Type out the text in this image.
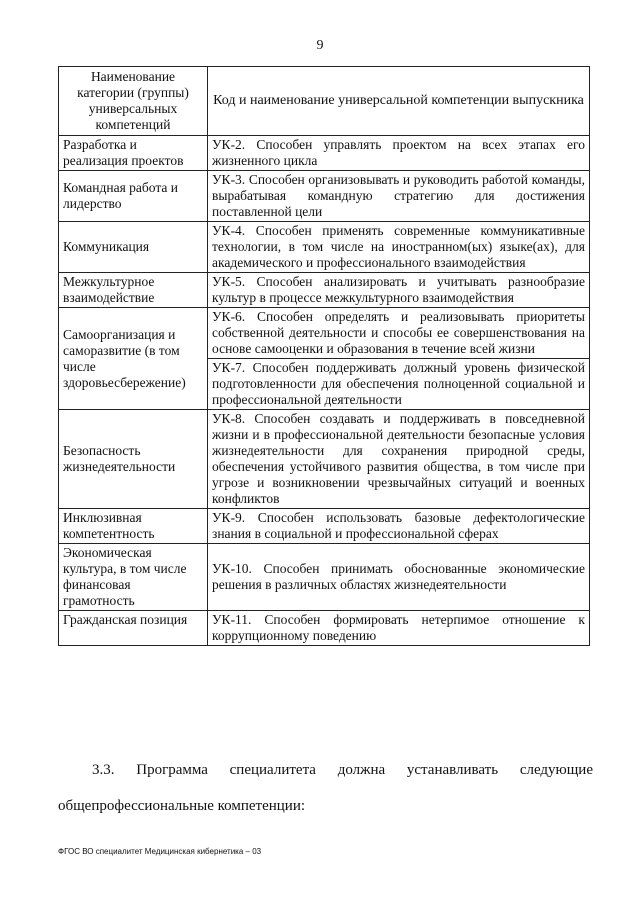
9
Наименование категории (группы) универсальных компетенций	Код и наименование универсальной компетенции выпускника
Разработка и реализация проектов	УК-2. Способен управлять проектом на всех этапах его жизненного цикла
Командная работа и лидерство	УК-3. Способен организовывать и руководить работой команды, вырабатывая командную стратегию для достижения поставленной цели
Коммуникация	УК-4. Способен применять современные коммуникативные технологии, в том числе на иностранном(ых) языке(ах), для академического и профессионального взаимодействия
Межкультурное взаимодействие	УК-5. Способен анализировать и учитывать разнообразие культур в процессе межкультурного взаимодействия
Самоорганизация и саморазвитие (в том числе здоровьесбережение)	УК-6. Способен определять и реализовывать приоритеты собственной деятельности и способы ее совершенствования на основе самооценки и образования в течение всей жизни
	УК-7. Способен поддерживать должный уровень физической подготовленности для обеспечения полноценной социальной и профессиональной деятельности
Безопасность жизнедеятельности	УК-8. Способен создавать и поддерживать в повседневной жизни и в профессиональной деятельности безопасные условия жизнедеятельности для сохранения природной среды, обеспечения устойчивого развития общества, в том числе при угрозе и возникновении чрезвычайных ситуаций и военных конфликтов
Инклюзивная компетентность	УК-9. Способен использовать базовые дефектологические знания в социальной и профессиональной сферах
Экономическая культура, в том числе финансовая грамотность	УК-10. Способен принимать обоснованные экономические решения в различных областях жизнедеятельности
Гражданская позиция	УК-11. Способен формировать нетерпимое отношение к коррупционному поведению
3.3. Программа специалитета должна устанавливать следующие общепрофессиональные компетенции:
ФГОС ВО специалитет Медицинская кибернетика – 03
